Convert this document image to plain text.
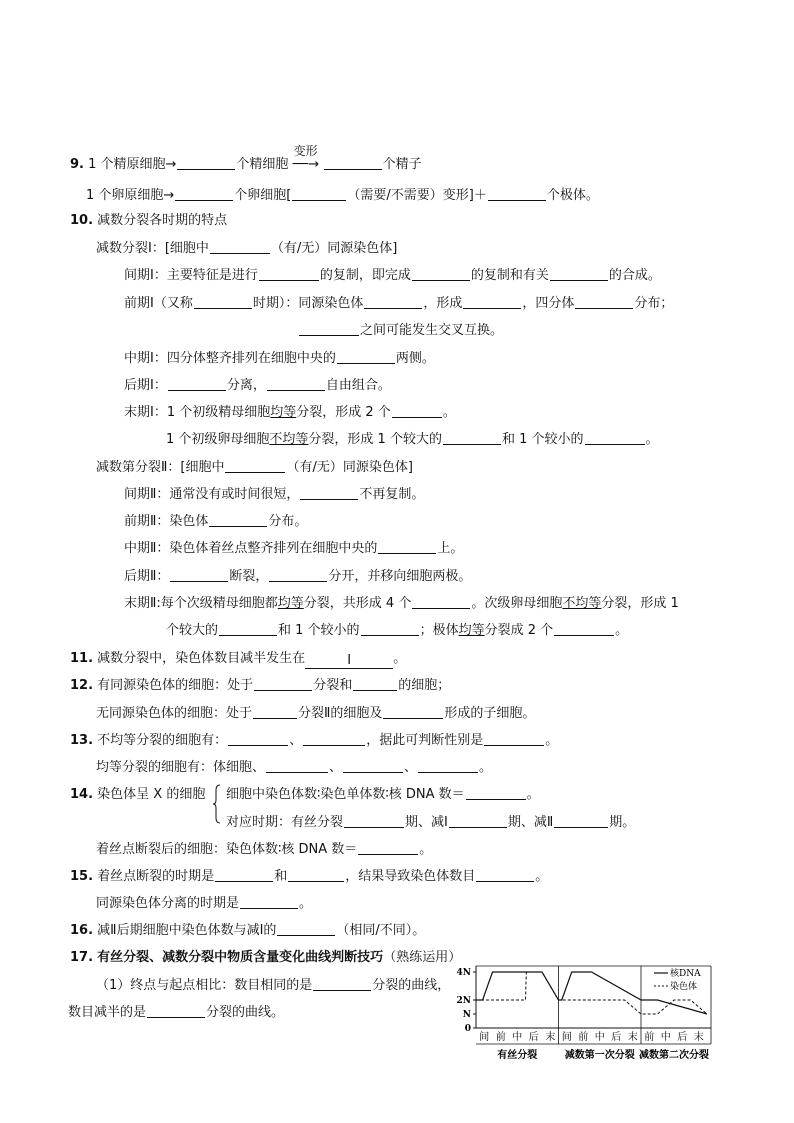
9. 1 个精原细胞→	个精细胞
变形
──→	个精子
1 个卵原细胞→	个卵细胞[	（需要/不需要）变形]＋	个极体。
10. 减数分裂各时期的特点
减数分裂Ⅰ：[细胞中	（有/无）同源染色体]
间期Ⅰ：主要特征是进行	的复制，即完成	的复制和有关	的合成。
前期Ⅰ（又称	时期）：同源染色体	，形成	，四分体	分布；
之间可能发生交叉互换。
中期Ⅰ：四分体整齐排列在细胞中央的	两侧。
后期Ⅰ：	分离，	自由组合。
末期Ⅰ：1 个初级精母细胞均等分裂，形成 2 个	。
1 个初级卵母细胞不均等分裂，形成 1 个较大的	和 1 个较小的	。
减数第分裂Ⅱ：[细胞中	（有/无）同源染色体]
间期Ⅱ：通常没有或时间很短，	不再复制。
前期Ⅱ：染色体	分布。
中期Ⅱ：染色体着丝点整齐排列在细胞中央的	上。
后期Ⅱ：	断裂，	分开，并移向细胞两极。
末期Ⅱ:每个次级精母细胞都均等分裂，共形成 4 个	。次级卵母细胞不均等分裂，形成 1
个较大的	和 1 个较小的	；极体均等分裂成 2 个	。
11. 减数分裂中，染色体数目减半发生在	I	。
12. 有同源染色体的细胞：处于	分裂和	的细胞；
无同源染色体的细胞：处于	分裂Ⅱ的细胞及	形成的子细胞。
13. 不均等分裂的细胞有：	、	，据此可判断性别是	。
均等分裂的细胞有：体细胞、	、	、	。
14. 染色体呈 X 的细胞 细胞中染色体数∶染色单体数∶核 DNA 数＝	。
对应时期：有丝分裂	期、减Ⅰ	期、减Ⅱ	期。
着丝点断裂后的细胞：染色体数∶核 DNA 数＝	。
15. 着丝点断裂的时期是	和	，结果导致染色体数目	。
同源染色体分离的时期是	。
16. 减Ⅱ后期细胞中染色体数与减Ⅰ的	（相同/不同）。
17. 有丝分裂、减数分裂中物质含量变化曲线判断技巧（熟练运用）
（1）终点与起点相比：数目相同的是	分裂的曲线，
数目减半的是	分裂的曲线。
4N
2N
N
0
间 前 中 后 末 间 前 中 后 末 前 中 后 末
有丝分裂	减数第一次分裂 减数第二次分裂
核DNA
染色体
